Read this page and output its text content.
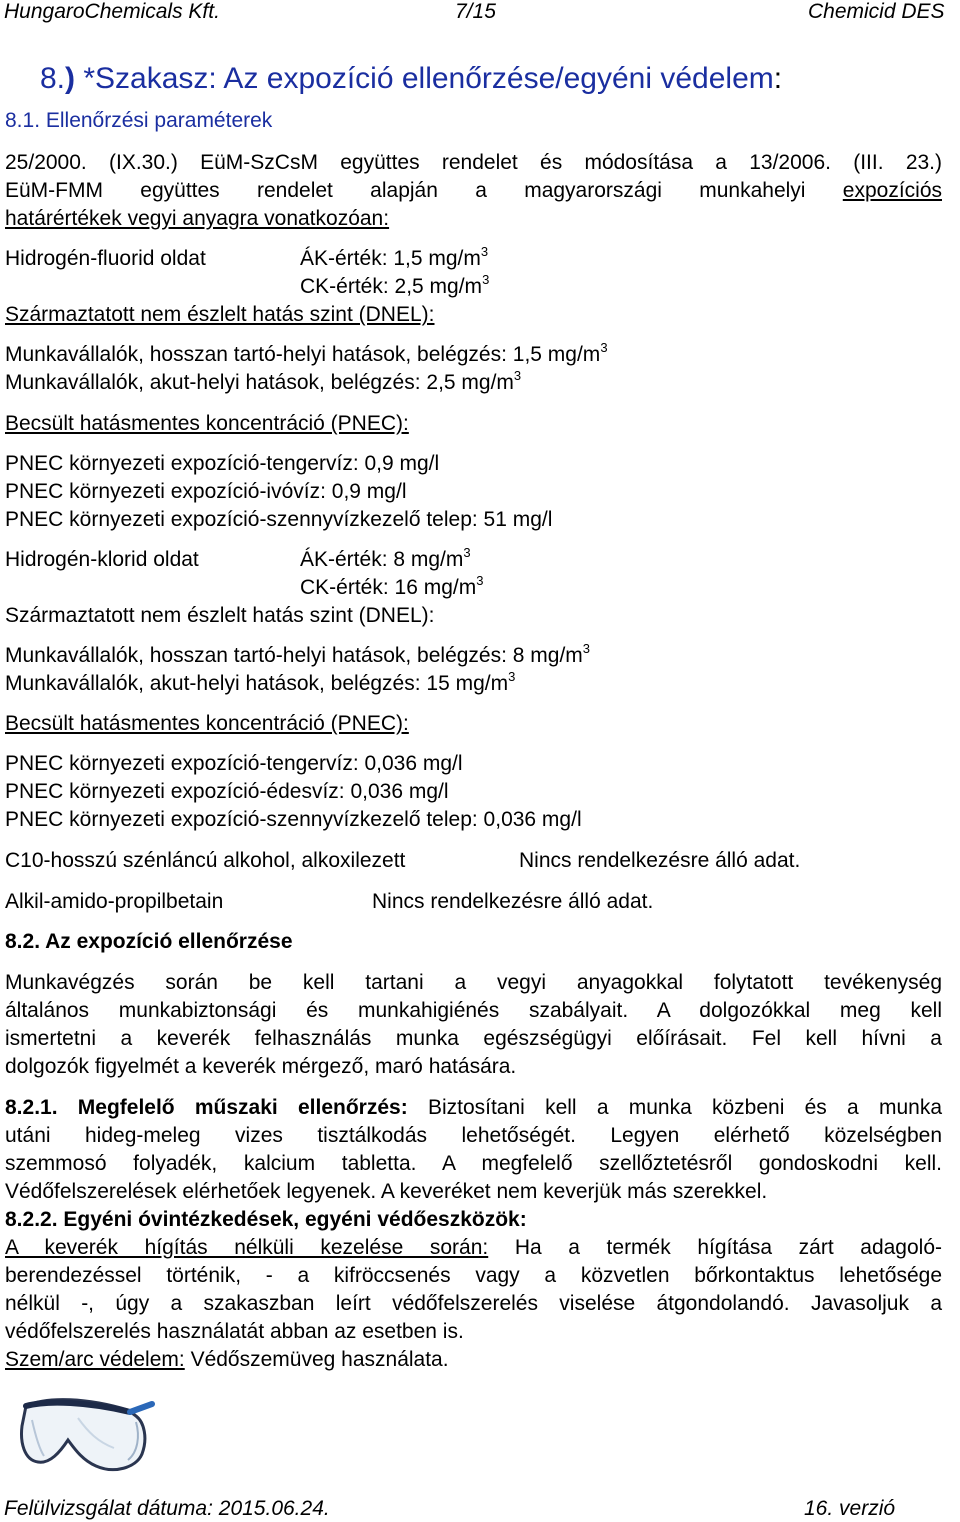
HungaroChemicals Kft.	7/15	Chemicid DES
8.) *Szakasz: Az expozíció ellenőrzése/egyéni védelem:
8.1. Ellenőrzési paraméterek
25/2000. (IX.30.) EüM-SzCsM együttes rendelet és módosítása a 13/2006. (III. 23.)
EüM-FMM együttes rendelet alapján a magyarországi munkahelyi expozíciós
határértékek vegyi anyagra vonatkozóan:
Hidrogén-fluorid oldat	ÁK-érték: 1,5 $mg/m^3$
CK-érték: 2,5 $mg/m^3$
Származtatott nem észlelt hatás szint (DNEL):
Munkavállalók, hosszan tartó-helyi hatások, belégzés: 1,5 $mg/m^3$
Munkavállalók, akut-helyi hatások, belégzés: 2,5 $mg/m^3$
Becsült hatásmentes koncentráció (PNEC):
PNEC környezeti expozíció-tengervíz: 0,9 mg/l
PNEC környezeti expozíció-ivóvíz: 0,9 mg/l
PNEC környezeti expozíció-szennyvízkezelő telep: 51 mg/l
Hidrogén-klorid oldat	ÁK-érték: 8 $mg/m^3$
CK-érték: 16 $mg/m^3$
Származtatott nem észlelt hatás szint (DNEL):
Munkavállalók, hosszan tartó-helyi hatások, belégzés: 8 $mg/m^3$
Munkavállalók, akut-helyi hatások, belégzés: 15 $mg/m^3$
Becsült hatásmentes koncentráció (PNEC):
PNEC környezeti expozíció-tengervíz: 0,036 mg/l
PNEC környezeti expozíció-édesvíz: 0,036 mg/l
PNEC környezeti expozíció-szennyvízkezelő telep: 0,036 mg/l
C10-hosszú szénláncú alkohol, alkoxilezett	Nincs rendelkezésre álló adat.
Alkil-amido-propilbetain	Nincs rendelkezésre álló adat.
8.2. Az expozíció ellenőrzése
Munkavégzés során be kell tartani a vegyi anyagokkal folytatott tevékenység
általános munkabiztonsági és munkahigiénés szabályait. A dolgozókkal meg kell
ismertetni a keverék felhasználás munka egészségügyi előírásait. Fel kell hívni a
dolgozók figyelmét a keverék mérgező, maró hatására.
8.2.1. Megfelelő műszaki ellenőrzés: Biztosítani kell a munka közbeni és a munka
utáni hideg-meleg vizes tisztálkodás lehetőségét. Legyen elérhető közelségben
szemmosó folyadék, kalcium tabletta. A megfelelő szellőztetésről gondoskodni kell.
Védőfelszerelések elérhetőek legyenek. A keveréket nem keverjük más szerekkel.
8.2.2. Egyéni óvintézkedések, egyéni védőeszközök:
A keverék hígítás nélküli kezelése során: Ha a termék hígítása zárt adagoló-
berendezéssel történik, - a kifröccsenés vagy a közvetlen bőrkontaktus lehetősége
nélkül -, úgy a szakaszban leírt védőfelszerelés viselése átgondolandó. Javasoljuk a
védőfelszerelés használatát abban az esetben is.
Szem/arc védelem: Védőszemüveg használata.
Felülvizsgálat dátuma: 2015.06.24.	16. verzió
